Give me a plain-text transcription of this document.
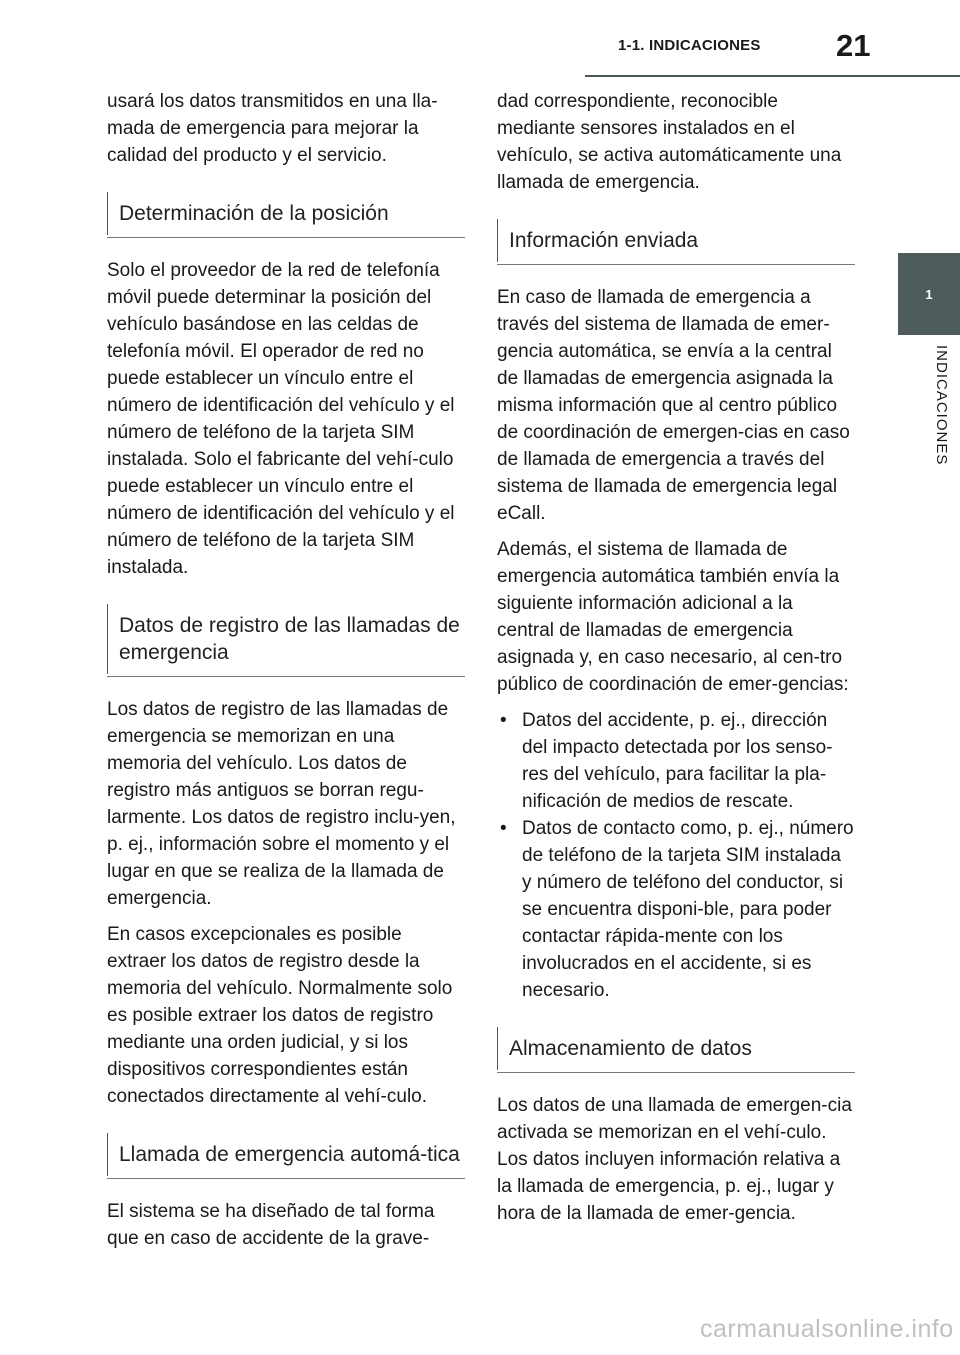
1-1. INDICACIONES 21
1
INDICACIONES

usará los datos transmitidos en una lla-mada de emergencia para mejorar la calidad del producto y el servicio.

Determinación de la posición

Solo el proveedor de la red de telefonía móvil puede determinar la posición del vehículo basándose en las celdas de telefonía móvil. El operador de red no puede establecer un vínculo entre el número de identificación del vehículo y el número de teléfono de la tarjeta SIM instalada. Solo el fabricante del vehí-culo puede establecer un vínculo entre el número de identificación del vehículo y el número de teléfono de la tarjeta SIM instalada.

Datos de registro de las llamadas de emergencia

Los datos de registro de las llamadas de emergencia se memorizan en una memoria del vehículo. Los datos de registro más antiguos se borran regu-larmente. Los datos de registro inclu-yen, p. ej., información sobre el momento y el lugar en que se realiza de la llamada de emergencia.

En casos excepcionales es posible extraer los datos de registro desde la memoria del vehículo. Normalmente solo es posible extraer los datos de registro mediante una orden judicial, y si los dispositivos correspondientes están conectados directamente al vehí-culo.

Llamada de emergencia automá-tica

El sistema se ha diseñado de tal forma que en caso de accidente de la grave-

dad correspondiente, reconocible mediante sensores instalados en el vehículo, se activa automáticamente una llamada de emergencia.

Información enviada

En caso de llamada de emergencia a través del sistema de llamada de emer-gencia automática, se envía a la central de llamadas de emergencia asignada la misma información que al centro público de coordinación de emergen-cias en caso de llamada de emergencia a través del sistema de llamada de emergencia legal eCall.

Además, el sistema de llamada de emergencia automática también envía la siguiente información adicional a la central de llamadas de emergencia asignada y, en caso necesario, al cen-tro público de coordinación de emer-gencias:

• Datos del accidente, p. ej., dirección del impacto detectada por los senso-res del vehículo, para facilitar la pla-nificación de medios de rescate.
• Datos de contacto como, p. ej., número de teléfono de la tarjeta SIM instalada y número de teléfono del conductor, si se encuentra disponi-ble, para poder contactar rápida-mente con los involucrados en el accidente, si es necesario.
Almacenamiento de datos

Los datos de una llamada de emergen-cia activada se memorizan en el vehí-culo. Los datos incluyen información relativa a la llamada de emergencia, p. ej., lugar y hora de la llamada de emer-gencia.

carmanualsonline.info
